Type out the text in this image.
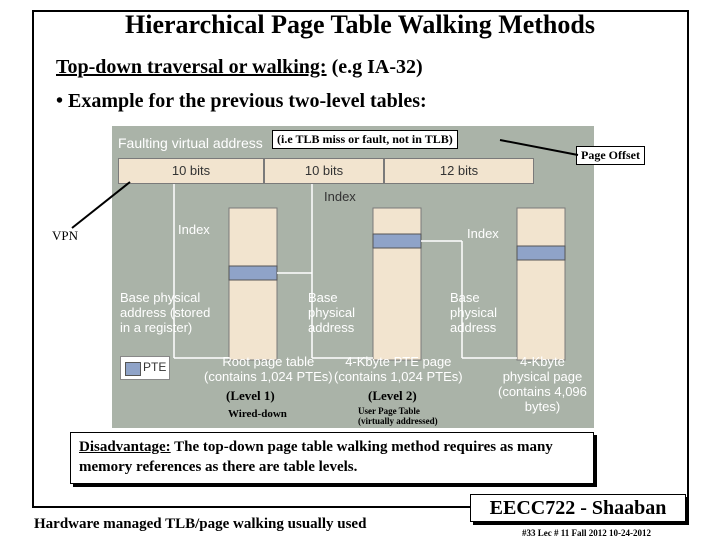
Hierarchical Page Table Walking Methods
Top-down traversal or walking: (e.g IA-32)
• Example for the previous two-level tables:
Faulting virtual address
10 bits	10 bits	12 bits
Index
Index	Index
Base physical
address (stored
in a register)
Base
physical
address
Base
physical
address
PTE	Root page table
(contains 1,024 PTEs)
4-Kbyte PTE page
(contains 1,024 PTEs)
4-Kbyte
physical page
(contains 4,096
bytes)
(i.e TLB miss or fault, not in TLB)
Page Offset
VPN
(Level 1)	(Level 2)
Wired-down	User Page Table
(virtually addressed)
Disadvantage: The top-down page table walking method requires as many memory references as there are table levels.
Hardware managed TLB/page walking usually used
EECC722 - Shaaban
#33 Lec # 11 Fall 2012 10-24-2012
